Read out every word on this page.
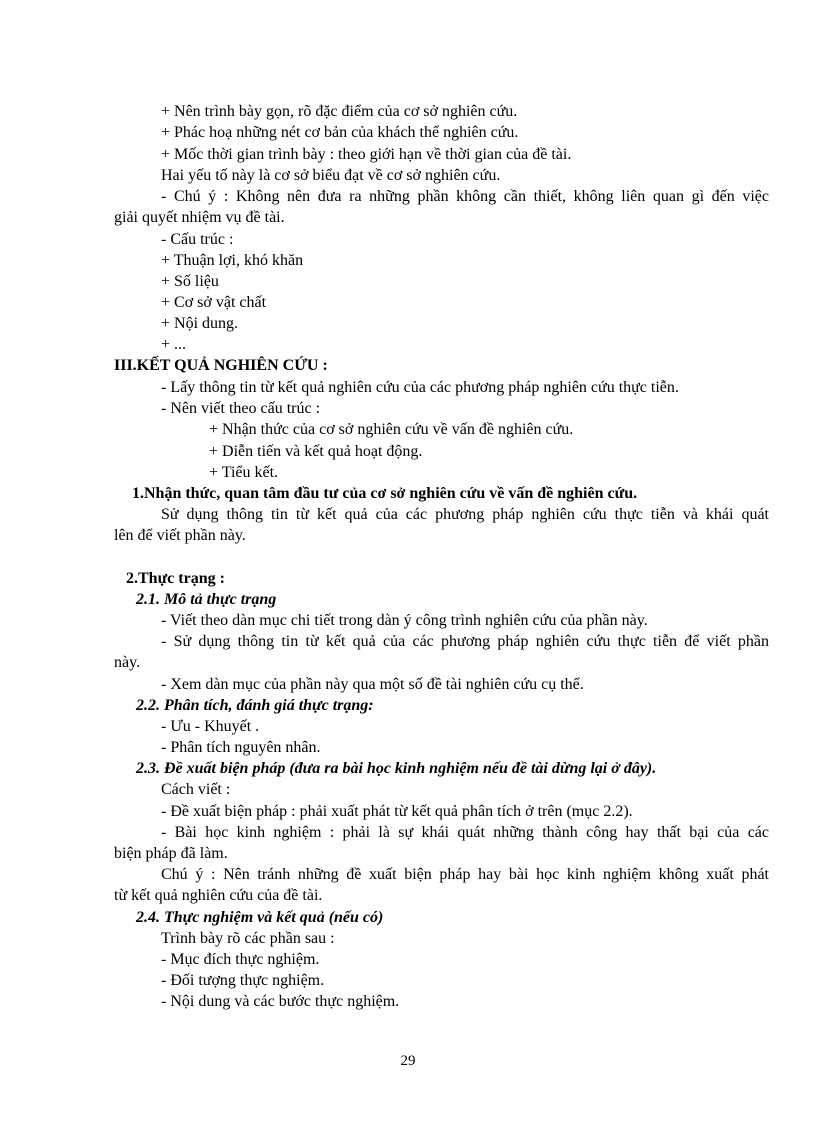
+ Nên trình bày gọn, rõ đặc điểm của cơ sở nghiên cứu.
+ Phác hoạ những nét cơ bản của khách thể nghiên cứu.
+ Mốc thời gian trình bày : theo giới hạn về thời gian của đề tài.
Hai yếu tố này là cơ sở biểu đạt về cơ sở nghiên cứu.
- Chú ý : Không nên đưa ra những phần không cần thiết, không liên quan gì đến việc
giải quyết nhiệm vụ đề tài.
- Cấu trúc :
+ Thuận lợi, khó khăn
+ Số liệu
+ Cơ sở vật chất
+ Nội dung.
+ ...
III.KẾT QUẢ NGHIÊN CỨU :
- Lấy thông tin từ kết quả nghiên cứu của các phương pháp nghiên cứu thực tiễn.
- Nên viết theo cấu trúc :
+ Nhận thức của cơ sở nghiên cứu về vấn đề nghiên cứu.
+ Diễn tiến và kết quả hoạt động.
+ Tiểu kết.
1.Nhận thức, quan tâm đầu tư của cơ sở nghiên cứu về vấn đề nghiên cứu.
Sử dụng thông tin từ kết quả của các phương pháp nghiên cứu thực tiễn và khái quát
lên để viết phần này.
2.Thực trạng :
2.1. Mô tả thực trạng
- Viết theo dàn mục chi tiết trong dàn ý công trình nghiên cứu của phần này.
- Sử dụng thông tin từ kết quả của các phương pháp nghiên cứu thực tiễn để viết phần
này.
- Xem dàn mục của phần này qua một số đề tài nghiên cứu cụ thể.
2.2. Phân tích, đánh giá thực trạng:
- Ưu - Khuyết .
- Phân tích nguyên nhân.
2.3. Đề xuất biện pháp (đưa ra bài học kinh nghiệm nếu đề tài dừng lại ở đây).
Cách viết :
- Đề xuất biện pháp : phải xuất phát từ kết quả phân tích ở trên (mục 2.2).
- Bài học kinh nghiệm : phải là sự khái quát những thành công hay thất bại của các
biện pháp đã làm.
Chú ý : Nên tránh những đề xuất biện pháp hay bài học kinh nghiệm không xuất phát
từ kết quả nghiên cứu của đề tài.
2.4. Thực nghiệm và kết quả (nếu có)
Trình bày rõ các phần sau :
- Mục đích thực nghiệm.
- Đối tượng thực nghiệm.
- Nội dung và các bước thực nghiệm.
29
